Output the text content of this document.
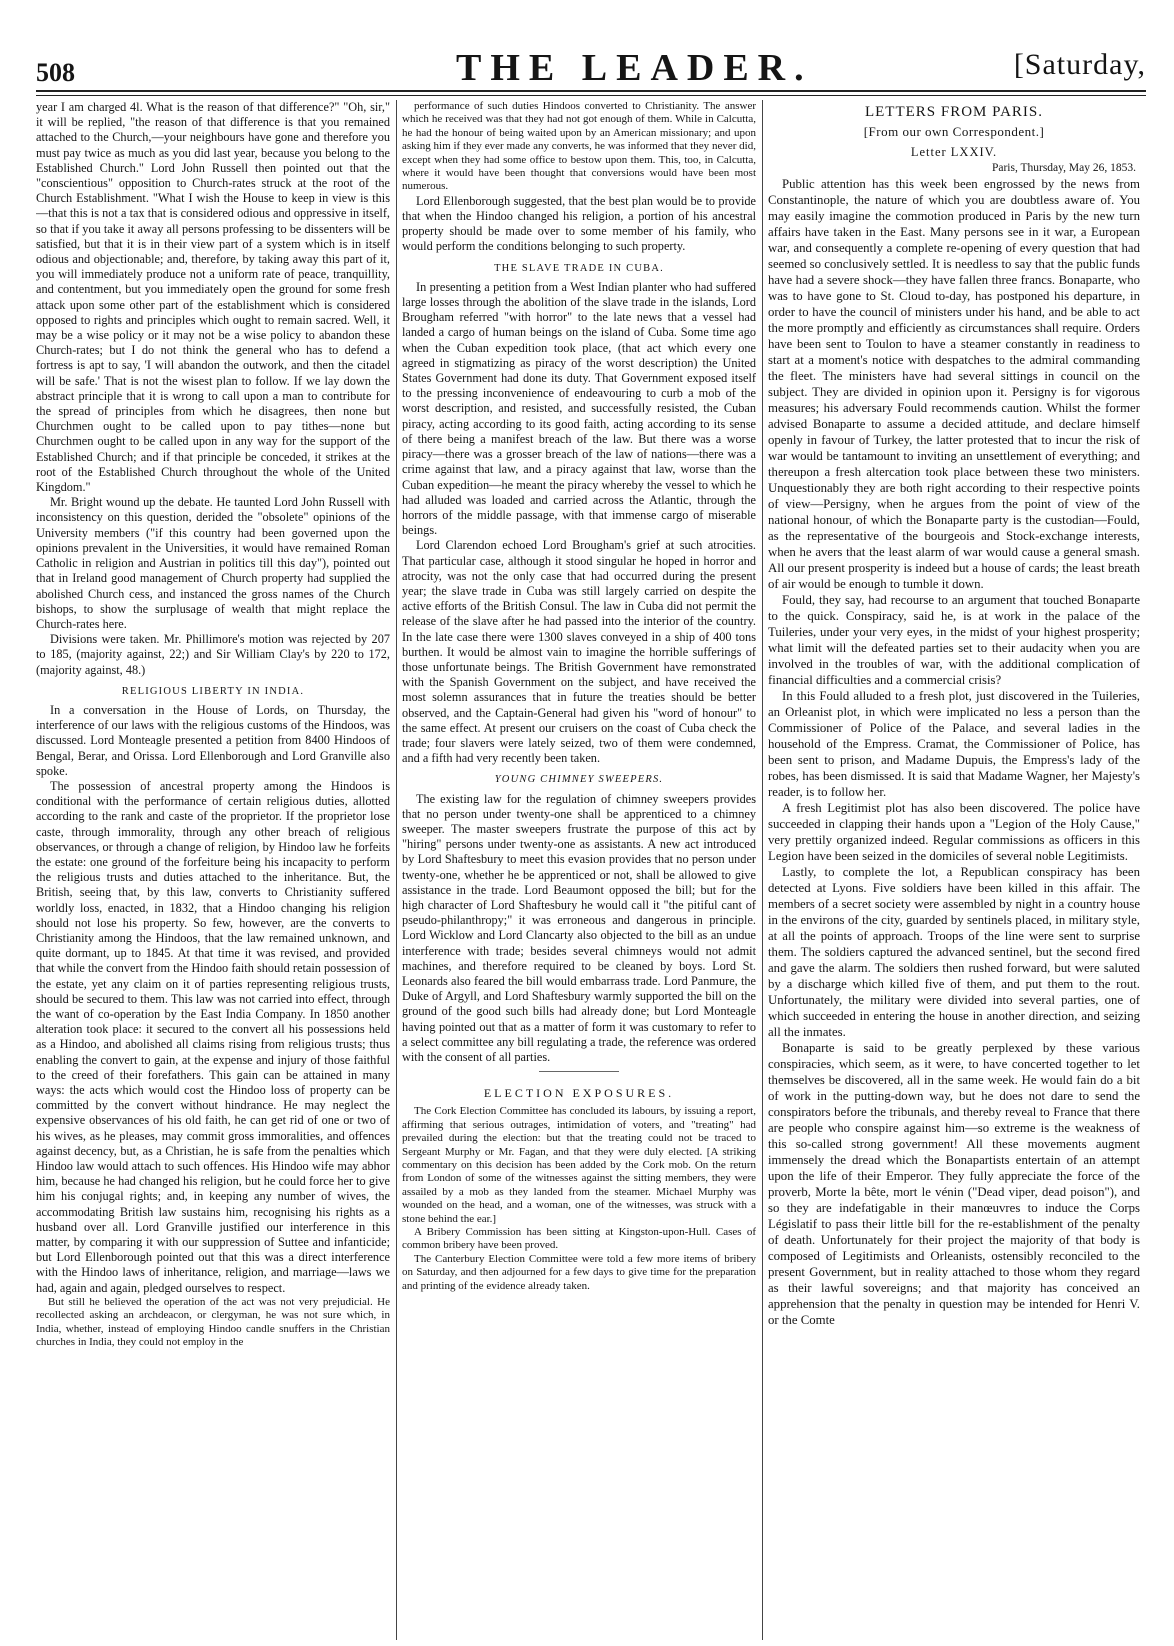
508	THE LEADER.	[Saturday,

year I am charged 4l. What is the reason of that difference?" "Oh, sir," it will be replied, "the reason of that difference is that you remained attached to the Church,—your neighbours have gone and therefore you must pay twice as much as you did last year, because you belong to the Established Church." Lord John Russell then pointed out that the "conscientious" opposition to Church-rates struck at the root of the Church Establishment. "What I wish the House to keep in view is this—that this is not a tax that is considered odious and oppressive in itself, so that if you take it away all persons professing to be dissenters will be satisfied, but that it is in their view part of a system which is in itself odious and objectionable; and, therefore, by taking away this part of it, you will immediately produce not a uniform rate of peace, tranquillity, and contentment, but you immediately open the ground for some fresh attack upon some other part of the establishment which is considered opposed to rights and principles which ought to remain sacred. Well, it may be a wise policy or it may not be a wise policy to abandon these Church-rates; but I do not think the general who has to defend a fortress is apt to say, 'I will abandon the outwork, and then the citadel will be safe.' That is not the wisest plan to follow. If we lay down the abstract principle that it is wrong to call upon a man to contribute for the spread of principles from which he disagrees, then none but Churchmen ought to be called upon to pay tithes—none but Churchmen ought to be called upon in any way for the support of the Established Church; and if that principle be conceded, it strikes at the root of the Established Church throughout the whole of the United Kingdom."

Mr. Bright wound up the debate. He taunted Lord John Russell with inconsistency on this question, derided the "obsolete" opinions of the University members ("if this country had been governed upon the opinions prevalent in the Universities, it would have remained Roman Catholic in religion and Austrian in politics till this day"), pointed out that in Ireland good management of Church property had supplied the abolished Church cess, and instanced the gross names of the Church bishops, to show the surplusage of wealth that might replace the Church-rates here.

Divisions were taken. Mr. Phillimore's motion was rejected by 207 to 185, (majority against, 22;) and Sir William Clay's by 220 to 172, (majority against, 48.)

RELIGIOUS LIBERTY IN INDIA.

In a conversation in the House of Lords, on Thursday, the interference of our laws with the religious customs of the Hindoos, was discussed. Lord Monteagle presented a petition from 8400 Hindoos of Bengal, Berar, and Orissa. Lord Ellenborough and Lord Granville also spoke.

The possession of ancestral property among the Hindoos is conditional with the performance of certain religious duties, allotted according to the rank and caste of the proprietor. If the proprietor lose caste, through immorality, through any other breach of religious observances, or through a change of religion, by Hindoo law he forfeits the estate: one ground of the forfeiture being his incapacity to perform the religious trusts and duties attached to the inheritance. But, the British, seeing that, by this law, converts to Christianity suffered worldly loss, enacted, in 1832, that a Hindoo changing his religion should not lose his property. So few, however, are the converts to Christianity among the Hindoos, that the law remained unknown, and quite dormant, up to 1845. At that time it was revised, and provided that while the convert from the Hindoo faith should retain possession of the estate, yet any claim on it of parties representing religious trusts, should be secured to them. This law was not carried into effect, through the want of co-operation by the East India Company. In 1850 another alteration took place: it secured to the convert all his possessions held as a Hindoo, and abolished all claims rising from religious trusts; thus enabling the convert to gain, at the expense and injury of those faithful to the creed of their forefathers. This gain can be attained in many ways: the acts which would cost the Hindoo loss of property can be committed by the convert without hindrance. He may neglect the expensive observances of his old faith, he can get rid of one or two of his wives, as he pleases, may commit gross immoralities, and offences against decency, but, as a Christian, he is safe from the penalties which Hindoo law would attach to such offences. His Hindoo wife may abhor him, because he had changed his religion, but he could force her to give him his conjugal rights; and, in keeping any number of wives, the accommodating British law sustains him, recognising his rights as a husband over all. Lord Granville justified our interference in this matter, by comparing it with our suppression of Suttee and infanticide; but Lord Ellenborough pointed out that this was a direct interference with the Hindoo laws of inheritance, religion, and marriage—laws we had, again and again, pledged ourselves to respect.

But still he believed the operation of the act was not very prejudicial. He recollected asking an archdeacon, or clergyman, he was not sure which, in India, whether, instead of employing Hindoo candle snuffers in the Christian churches in India, they could not employ in the

performance of such duties Hindoos converted to Christianity. The answer which he received was that they had not got enough of them. While in Calcutta, he had the honour of being waited upon by an American missionary; and upon asking him if they ever made any converts, he was informed that they never did, except when they had some office to bestow upon them. This, too, in Calcutta, where it would have been thought that conversions would have been most numerous.

Lord Ellenborough suggested, that the best plan would be to provide that when the Hindoo changed his religion, a portion of his ancestral property should be made over to some member of his family, who would perform the conditions belonging to such property.

THE SLAVE TRADE IN CUBA.

In presenting a petition from a West Indian planter who had suffered large losses through the abolition of the slave trade in the islands, Lord Brougham referred "with horror" to the late news that a vessel had landed a cargo of human beings on the island of Cuba. Some time ago when the Cuban expedition took place, (that act which every one agreed in stigmatizing as piracy of the worst description) the United States Government had done its duty. That Government exposed itself to the pressing inconvenience of endeavouring to curb a mob of the worst description, and resisted, and successfully resisted, the Cuban piracy, acting according to its good faith, acting according to its sense of there being a manifest breach of the law. But there was a worse piracy—there was a grosser breach of the law of nations—there was a crime against that law, and a piracy against that law, worse than the Cuban expedition—he meant the piracy whereby the vessel to which he had alluded was loaded and carried across the Atlantic, through the horrors of the middle passage, with that immense cargo of miserable beings.

Lord Clarendon echoed Lord Brougham's grief at such atrocities. That particular case, although it stood singular he hoped in horror and atrocity, was not the only case that had occurred during the present year; the slave trade in Cuba was still largely carried on despite the active efforts of the British Consul. The law in Cuba did not permit the release of the slave after he had passed into the interior of the country. In the late case there were 1300 slaves conveyed in a ship of 400 tons burthen. It would be almost vain to imagine the horrible sufferings of those unfortunate beings. The British Government have remonstrated with the Spanish Government on the subject, and have received the most solemn assurances that in future the treaties should be better observed, and the Captain-General had given his "word of honour" to the same effect. At present our cruisers on the coast of Cuba check the trade; four slavers were lately seized, two of them were condemned, and a fifth had very recently been taken.

YOUNG CHIMNEY SWEEPERS.

The existing law for the regulation of chimney sweepers provides that no person under twenty-one shall be apprenticed to a chimney sweeper. The master sweepers frustrate the purpose of this act by "hiring" persons under twenty-one as assistants. A new act introduced by Lord Shaftesbury to meet this evasion provides that no person under twenty-one, whether he be apprenticed or not, shall be allowed to give assistance in the trade. Lord Beaumont opposed the bill; but for the high character of Lord Shaftesbury he would call it "the pitiful cant of pseudo-philanthropy;" it was erroneous and dangerous in principle. Lord Wicklow and Lord Clancarty also objected to the bill as an undue interference with trade; besides several chimneys would not admit machines, and therefore required to be cleaned by boys. Lord St. Leonards also feared the bill would embarrass trade. Lord Panmure, the Duke of Argyll, and Lord Shaftesbury warmly supported the bill on the ground of the good such bills had already done; but Lord Monteagle having pointed out that as a matter of form it was customary to refer to a select committee any bill regulating a trade, the reference was ordered with the consent of all parties.

ELECTION EXPOSURES.

The Cork Election Committee has concluded its labours, by issuing a report, affirming that serious outrages, intimidation of voters, and "treating" had prevailed during the election: but that the treating could not be traced to Sergeant Murphy or Mr. Fagan, and that they were duly elected. [A striking commentary on this decision has been added by the Cork mob. On the return from London of some of the witnesses against the sitting members, they were assailed by a mob as they landed from the steamer. Michael Murphy was wounded on the head, and a woman, one of the witnesses, was struck with a stone behind the ear.]

A Bribery Commission has been sitting at Kingston-upon-Hull. Cases of common bribery have been proved.

The Canterbury Election Committee were told a few more items of bribery on Saturday, and then adjourned for a few days to give time for the preparation and printing of the evidence already taken.

LETTERS FROM PARIS.
[From our own Correspondent.]
Letter LXXIV.
Paris, Thursday, May 26, 1853.

Public attention has this week been engrossed by the news from Constantinople, the nature of which you are doubtless aware of. You may easily imagine the commotion produced in Paris by the new turn affairs have taken in the East. Many persons see in it war, a European war, and consequently a complete re-opening of every question that had seemed so conclusively settled. It is needless to say that the public funds have had a severe shock—they have fallen three francs. Bonaparte, who was to have gone to St. Cloud to-day, has postponed his departure, in order to have the council of ministers under his hand, and be able to act the more promptly and efficiently as circumstances shall require. Orders have been sent to Toulon to have a steamer constantly in readiness to start at a moment's notice with despatches to the admiral commanding the fleet. The ministers have had several sittings in council on the subject. They are divided in opinion upon it. Persigny is for vigorous measures; his adversary Fould recommends caution. Whilst the former advised Bonaparte to assume a decided attitude, and declare himself openly in favour of Turkey, the latter protested that to incur the risk of war would be tantamount to inviting an unsettlement of everything; and thereupon a fresh altercation took place between these two ministers. Unquestionably they are both right according to their respective points of view—Persigny, when he argues from the point of view of the national honour, of which the Bonaparte party is the custodian—Fould, as the representative of the bourgeois and Stock-exchange interests, when he avers that the least alarm of war would cause a general smash. All our present prosperity is indeed but a house of cards; the least breath of air would be enough to tumble it down.

Fould, they say, had recourse to an argument that touched Bonaparte to the quick. Conspiracy, said he, is at work in the palace of the Tuileries, under your very eyes, in the midst of your highest prosperity; what limit will the defeated parties set to their audacity when you are involved in the troubles of war, with the additional complication of financial difficulties and a commercial crisis?

In this Fould alluded to a fresh plot, just discovered in the Tuileries, an Orleanist plot, in which were implicated no less a person than the Commissioner of Police of the Palace, and several ladies in the household of the Empress. Cramat, the Commissioner of Police, has been sent to prison, and Madame Dupuis, the Empress's lady of the robes, has been dismissed. It is said that Madame Wagner, her Majesty's reader, is to follow her.

A fresh Legitimist plot has also been discovered. The police have succeeded in clapping their hands upon a "Legion of the Holy Cause," very prettily organized indeed. Regular commissions as officers in this Legion have been seized in the domiciles of several noble Legitimists.

Lastly, to complete the lot, a Republican conspiracy has been detected at Lyons. Five soldiers have been killed in this affair. The members of a secret society were assembled by night in a country house in the environs of the city, guarded by sentinels placed, in military style, at all the points of approach. Troops of the line were sent to surprise them. The soldiers captured the advanced sentinel, but the second fired and gave the alarm. The soldiers then rushed forward, but were saluted by a discharge which killed five of them, and put them to the rout. Unfortunately, the military were divided into several parties, one of which succeeded in entering the house in another direction, and seizing all the inmates.

Bonaparte is said to be greatly perplexed by these various conspiracies, which seem, as it were, to have concerted together to let themselves be discovered, all in the same week. He would fain do a bit of work in the putting-down way, but he does not dare to send the conspirators before the tribunals, and thereby reveal to France that there are people who conspire against him—so extreme is the weakness of this so-called strong government! All these movements augment immensely the dread which the Bonapartists entertain of an attempt upon the life of their Emperor. They fully appreciate the force of the proverb, Morte la bête, mort le vénin ("Dead viper, dead poison"), and so they are indefatigable in their manœuvres to induce the Corps Législatif to pass their little bill for the re-establishment of the penalty of death. Unfortunately for their project the majority of that body is composed of Legitimists and Orleanists, ostensibly reconciled to the present Government, but in reality attached to those whom they regard as their lawful sovereigns; and that majority has conceived an apprehension that the penalty in question may be intended for Henri V. or the Comte
